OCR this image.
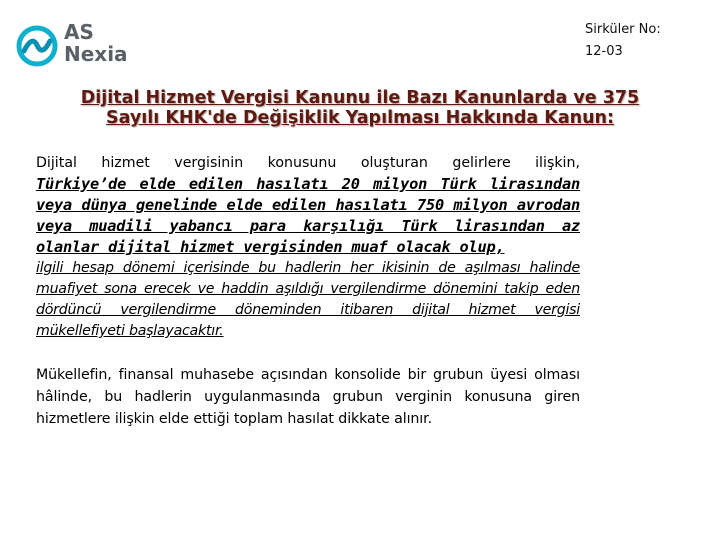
AS
Nexia
Sirküler No:
12-03
Dijital Hizmet Vergisi Kanunu ile Bazı Kanunlarda ve 375
Sayılı KHK'de Değişiklik Yapılması Hakkında Kanun:

Dijital hizmet vergisinin konusunu oluşturan gelirlere ilişkin,

Türkiye’de elde edilen hasılatı 20 milyon Türk lirasından veya dünya genelinde elde edilen hasılatı 750 milyon avrodan veya muadili yabancı para karşılığı Türk lirasından az olanlar dijital hizmet vergisinden muaf olacak olup,

ilgili hesap dönemi içerisinde bu hadlerin her ikisinin de aşılması halinde muafiyet sona erecek ve haddin aşıldığı vergilendirme dönemini takip eden dördüncü vergilendirme döneminden itibaren dijital hizmet vergisi mükellefiyeti başlayacaktır.

Mükellefin, finansal muhasebe açısından konsolide bir grubun üyesi olması hâlinde, bu hadlerin uygulanmasında grubun verginin konusuna giren hizmetlere ilişkin elde ettiği toplam hasılat dikkate alınır.
